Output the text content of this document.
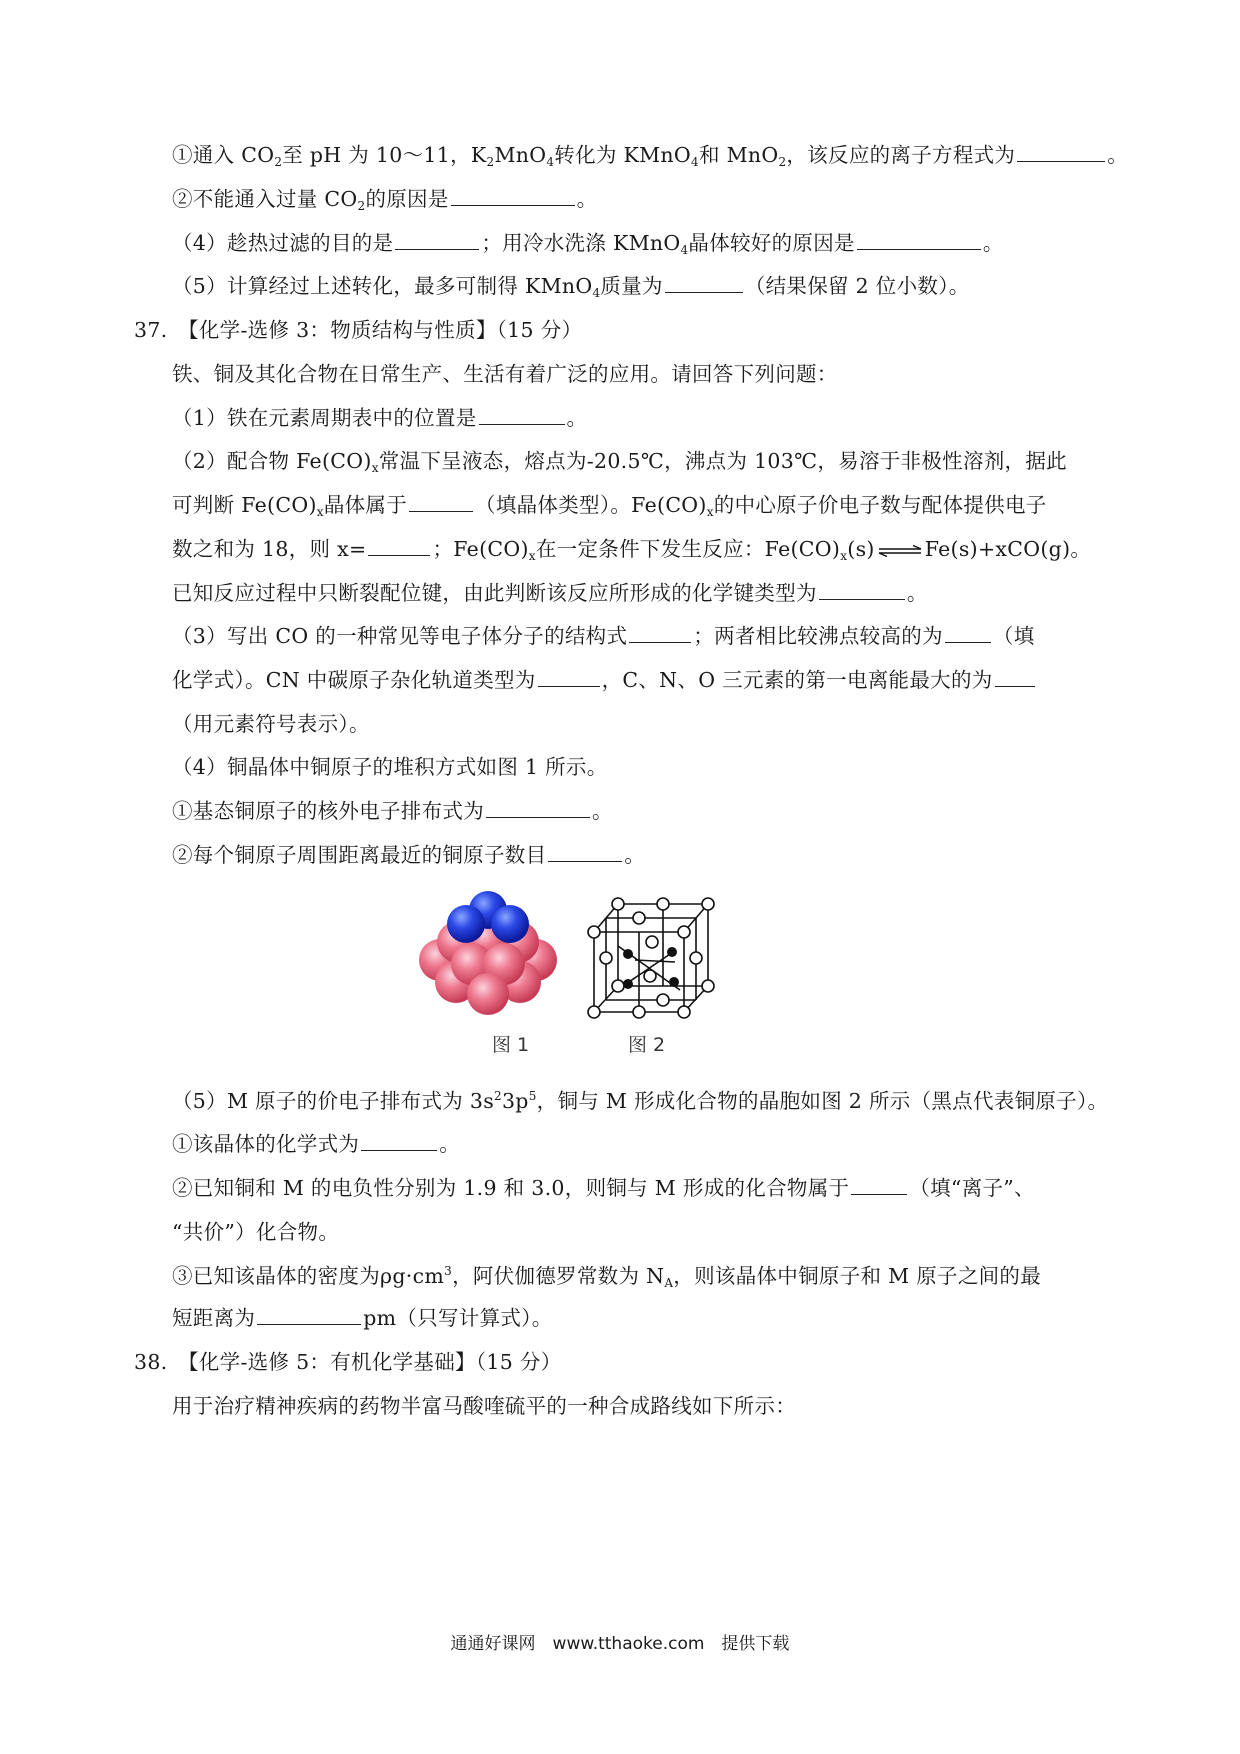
①通入 $CO_2$至 pH 为 10～11，$K_2MnO_4$转化为 KMnO$_4$和 MnO$_2$，该反应的离子方程式为	。
②不能通入过量 $CO_2$的原因是	。
（4）趁热过滤的目的是	；用冷水洗涤 KMnO$_4$晶体较好的原因是	。
（5）计算经过上述转化，最多可制得 KMnO$_4$质量为	（结果保留 2 位小数）。
37.　【化学-选修 3：物质结构与性质】（15 分）
铁、铜及其化合物在日常生产、生活有着广泛的应用。请回答下列问题：
（1）铁在元素周期表中的位置是	。
（2）配合物 $Fe(CO)_x$常温下呈液态，熔点为-20.5℃，沸点为 103℃，易溶于非极性溶剂，据此
可判断 $Fe(CO)_x$晶体属于	（填晶体类型）。$Fe(CO)_x$的中心原子价电子数与配体提供电子
数之和为 18，则 x=	；$Fe(CO)_x$在一定条件下发生反应：$Fe(CO)_x(s)$ ⇌ Fe(s)+xCO(g)。
已知反应过程中只断裂配位键，由此判断该反应所形成的化学键类型为	。
（3）写出 CO 的一种常见等电子体分子的结构式	；两者相比较沸点较高的为 （填
化学式）。CN 中碳原子杂化轨道类型为	，C、N、O 三元素的第一电离能最大的为
（用元素符号表示）。
（4）铜晶体中铜原子的堆积方式如图 1 所示。
①基态铜原子的核外电子排布式为	。
②每个铜原子周围距离最近的铜原子数目	。
图 1	图 2
（5）M 原子的价电子排布式为 $3s^23p^5$，铜与 M 形成化合物的晶胞如图 2 所示（黑点代表铜原子）。
①该晶体的化学式为	。
②已知铜和 M 的电负性分别为 1.9 和 3.0，则铜与 M 形成的化合物属于	（填“离子”、
“共价”）化合物。
③已知该晶体的密度为$\rho g\cdot cm^3$，阿伏伽德罗常数为 $N_A$，则该晶体中铜原子和 M 原子之间的最
短距离为	pm（只写计算式）。
38.　【化学-选修 5：有机化学基础】（15 分）
用于治疗精神疾病的药物半富马酸喹硫平的一种合成路线如下所示：
通通好课网　www.tthaoke.com　提供下载
